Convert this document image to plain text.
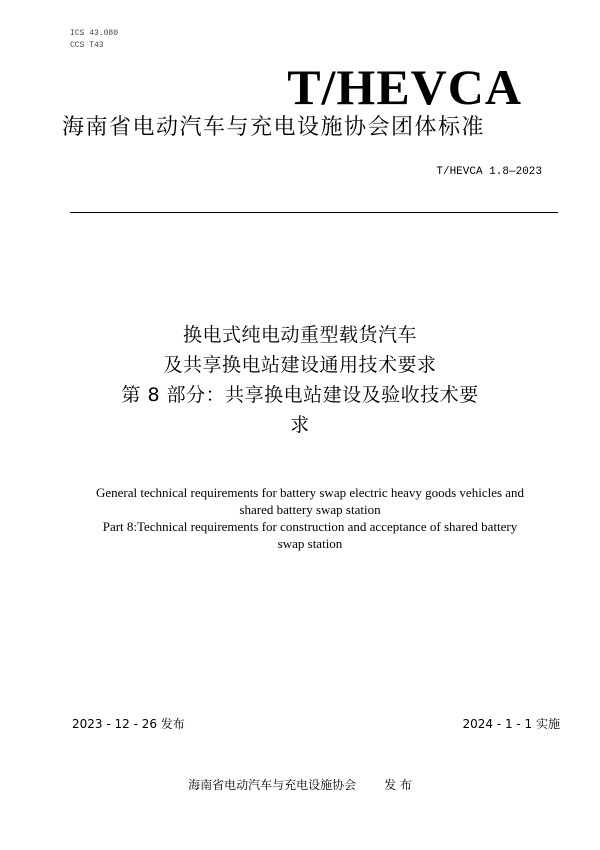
ICS 43.080
CCS T43
T/HEVCA
海南省电动汽车与充电设施协会团体标准
T/HEVCA 1.8—2023
换电式纯电动重型载货汽车
及共享换电站建设通用技术要求
第 8 部分：共享换电站建设及验收技术要
求
General technical requirements for battery swap electric heavy goods vehicles and
shared battery swap station
Part 8:Technical requirements for construction and acceptance of shared battery
swap station
2023 - 12 - 26 发布	2024 - 1 - 1 实施
海南省电动汽车与充电设施协会 发 布
